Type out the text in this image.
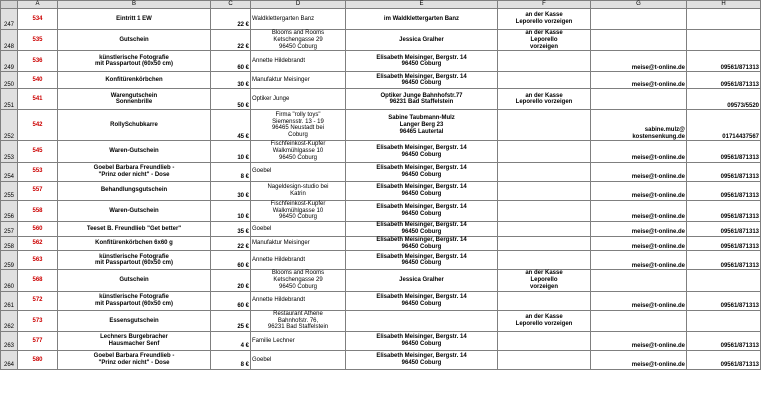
	A	B	C	D	E	F	G	H
247	534	Eintritt 1 EW	22 €	Waldklettergarten Banz	im Waldklettergarten Banz	an der Kasse
Leporello vorzeigen		

248	535	Gutschein	22 €	Blooms and Rooms
Ketschengasse 29
96450 Coburg	Jessica Gralher	an der Kasse
Leporello
vorzeigen		

249	536	künstlerische Fotografie
mit Passpartout (60x50 cm)	60 €	Annette Hildebrandt	Elisabeth Meisinger, Bergstr. 14
96450 Coburg		meise@t-online.de	09561/871313
250	540	Konfitürenkörbchen	30 €	Manufaktur Meisinger	Elisabeth Meisinger, Bergstr. 14
96450 Coburg		meise@t-online.de	09561/871313
251	541	Warengutschein
Sonnenbrille	50 €	Optiker Junge	Optiker Junge Bahnhofstr.77
96231 Bad Staffelstein	an der Kasse
Leporello vorzeigen		09573/5520
252	542	RollySchubkarre	45 €	Firma "rolly toys"
Siemensstr. 13 - 19
96465 Neustadt bei
Coburg	Sabine Taubmann-Mulz
Langer Berg 23
96465 Lautertal		sabine.mulz@
kostensenkung.de	01714437567
253	545	Waren-Gutschein	10 €	Fischfeinkost-Kupfer
Walkmühlgasse 10
96450 Coburg	Elisabeth Meisinger, Bergstr. 14
96450 Coburg		meise@t-online.de	09561/871313
254	553	Goebel Barbara Freundlieb -
"Prinz oder nicht" - Dose	8 €	Goebel	Elisabeth Meisinger, Bergstr. 14
96450 Coburg		meise@t-online.de	09561/871313
255	557	Behandlungsgutschein	30 €	Nageldesign-studio bei
Katrin	Elisabeth Meisinger, Bergstr. 14
96450 Coburg		meise@t-online.de	09561/871313
256	558	Waren-Gutschein	10 €	Fischfeinkost-Kupfer
Walkmühlgasse 10
96450 Coburg	Elisabeth Meisinger, Bergstr. 14
96450 Coburg		meise@t-online.de	09561/871313
257	560	Teeset B. Freundlieb "Get better"	35 €	Goebel	Elisabeth Meisinger, Bergstr. 14
96450 Coburg		meise@t-online.de	09561/871313
258	562	Konfitürenkörbchen 6x60 g	22 €	Manufaktur Meisinger	Elisabeth Meisinger, Bergstr. 14
96450 Coburg		meise@t-online.de	09561/871313
259	563	künstlerische Fotografie
mit Passpartout (60x50 cm)	60 €	Annette Hildebrandt	Elisabeth Meisinger, Bergstr. 14
96450 Coburg		meise@t-online.de	09561/871313
260	568	Gutschein	20 €	Blooms and Rooms
Ketschengasse 29
96450 Coburg	Jessica Gralher	an der Kasse
Leporello
vorzeigen		

261	572	künstlerische Fotografie
mit Passpartout (60x50 cm)	60 €	Annette Hildebrandt	Elisabeth Meisinger, Bergstr. 14
96450 Coburg		meise@t-online.de	09561/871313
262	573	Essensgutschein	25 €	Restaurant Athene
Bahnhofstr. 76,
96231 Bad Staffelstein		an der Kasse
Leporello vorzeigen		

263	577	Lechners Burgebracher
Hausmacher Senf	4 €	Familie Lechner	Elisabeth Meisinger, Bergstr. 14
96450 Coburg		meise@t-online.de	09561/871313
264	580	Goebel Barbara Freundlieb -
"Prinz oder nicht" - Dose	8 €	Goebel	Elisabeth Meisinger, Bergstr. 14
96450 Coburg		meise@t-online.de	09561/871313
